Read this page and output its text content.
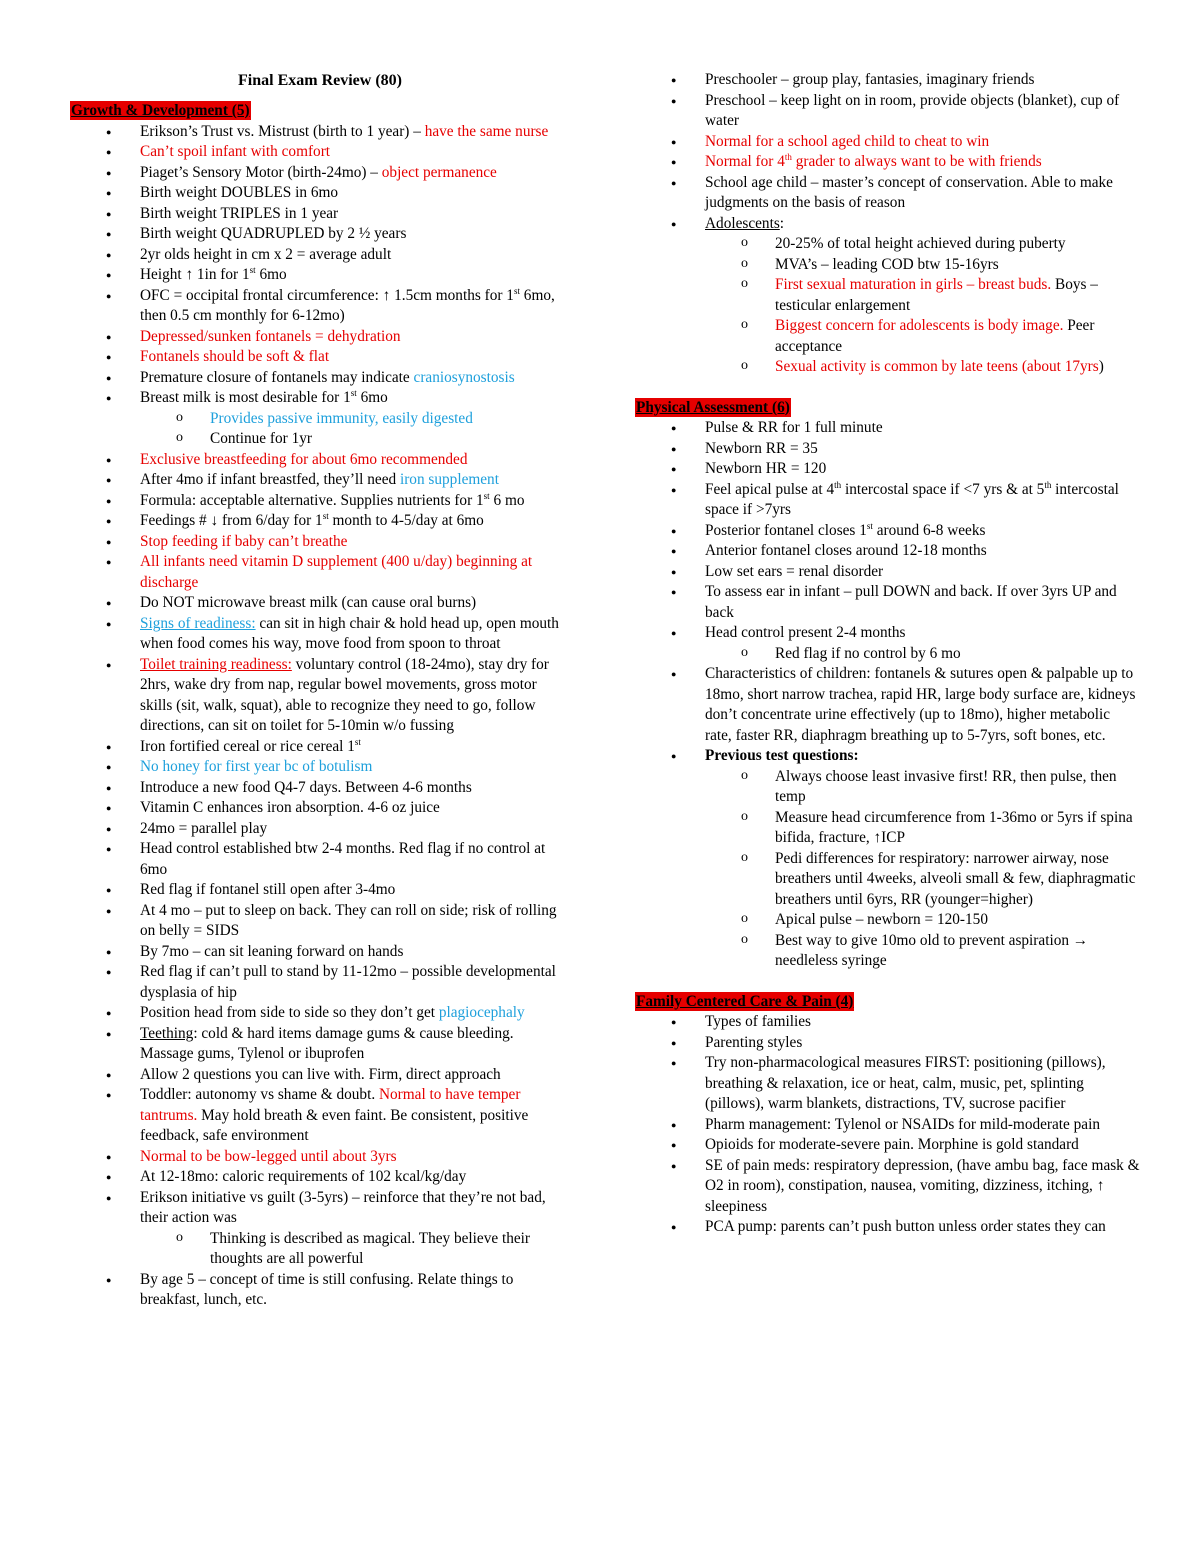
Final Exam Review (80)
Growth & Development (5)
● Erikson’s Trust vs. Mistrust (birth to 1 year) – have the same nurse
● Can’t spoil infant with comfort
● Piaget’s Sensory Motor (birth-24mo) – object permanence
● Birth weight DOUBLES in 6mo
● Birth weight TRIPLES in 1 year
● Birth weight QUADRUPLED by 2 ½ years
● 2yr olds height in cm x 2 = average adult
● Height ↑ 1in for 1st 6mo
● OFC = occipital frontal circumference: ↑ 1.5cm months for 1st 6mo, then 0.5 cm monthly for 6-12mo)
● Depressed/sunken fontanels = dehydration
● Fontanels should be soft & flat
● Premature closure of fontanels may indicate craniosynostosis
● Breast milk is most desirable for 1st 6mo
o Provides passive immunity, easily digested
o Continue for 1yr
● Exclusive breastfeeding for about 6mo recommended
● After 4mo if infant breastfed, they’ll need iron supplement
● Formula: acceptable alternative. Supplies nutrients for 1st 6 mo
● Feedings # ↓ from 6/day for 1st month to 4-5/day at 6mo
● Stop feeding if baby can’t breathe
● All infants need vitamin D supplement (400 u/day) beginning at discharge
● Do NOT microwave breast milk (can cause oral burns)
● Signs of readiness: can sit in high chair & hold head up, open mouth when food comes his way, move food from spoon to throat
● Toilet training readiness: voluntary control (18-24mo), stay dry for 2hrs, wake dry from nap, regular bowel movements, gross motor skills (sit, walk, squat), able to recognize they need to go, follow directions, can sit on toilet for 5-10min w/o fussing
● Iron fortified cereal or rice cereal 1st
● No honey for first year bc of botulism
● Introduce a new food Q4-7 days. Between 4-6 months
● Vitamin C enhances iron absorption. 4-6 oz juice
● 24mo = parallel play
● Head control established btw 2-4 months. Red flag if no control at 6mo
● Red flag if fontanel still open after 3-4mo
● At 4 mo – put to sleep on back. They can roll on side; risk of rolling on belly = SIDS
● By 7mo – can sit leaning forward on hands
● Red flag if can’t pull to stand by 11-12mo – possible developmental dysplasia of hip
● Position head from side to side so they don’t get plagiocephaly
● Teething: cold & hard items damage gums & cause bleeding. Massage gums, Tylenol or ibuprofen
● Allow 2 questions you can live with. Firm, direct approach
● Toddler: autonomy vs shame & doubt. Normal to have temper tantrums. May hold breath & even faint. Be consistent, positive feedback, safe environment
● Normal to be bow-legged until about 3yrs
● At 12-18mo: caloric requirements of 102 kcal/kg/day
● Erikson initiative vs guilt (3-5yrs) – reinforce that they’re not bad, their action was
o Thinking is described as magical. They believe their thoughts are all powerful
● By age 5 – concept of time is still confusing. Relate things to breakfast, lunch, etc.
● Preschooler – group play, fantasies, imaginary friends
● Preschool – keep light on in room, provide objects (blanket), cup of water
● Normal for a school aged child to cheat to win
● Normal for 4th grader to always want to be with friends
● School age child – master’s concept of conservation. Able to make judgments on the basis of reason
● Adolescents:
o 20-25% of total height achieved during puberty
o MVA’s – leading COD btw 15-16yrs
o First sexual maturation in girls – breast buds. Boys – testicular enlargement
o Biggest concern for adolescents is body image. Peer acceptance
o Sexual activity is common by late teens (about 17yrs)
Physical Assessment (6)
● Pulse & RR for 1 full minute
● Newborn RR = 35
● Newborn HR = 120
● Feel apical pulse at 4th intercostal space if <7 yrs & at 5th intercostal space if >7yrs
● Posterior fontanel closes 1st around 6-8 weeks
● Anterior fontanel closes around 12-18 months
● Low set ears = renal disorder
● To assess ear in infant – pull DOWN and back. If over 3yrs UP and back
● Head control present 2-4 months
o Red flag if no control by 6 mo
● Characteristics of children: fontanels & sutures open & palpable up to 18mo, short narrow trachea, rapid HR, large body surface are, kidneys don’t concentrate urine effectively (up to 18mo), higher metabolic rate, faster RR, diaphragm breathing up to 5-7yrs, soft bones, etc.
● Previous test questions:
o Always choose least invasive first! RR, then pulse, then temp
o Measure head circumference from 1-36mo or 5yrs if spina bifida, fracture, ↑ICP
o Pedi differences for respiratory: narrower airway, nose breathers until 4weeks, alveoli small & few, diaphragmatic breathers until 6yrs, RR (younger=higher)
o Apical pulse – newborn = 120-150
o Best way to give 10mo old to prevent aspiration → needleless syringe
Family Centered Care & Pain (4)
● Types of families
● Parenting styles
● Try non-pharmacological measures FIRST: positioning (pillows), breathing & relaxation, ice or heat, calm, music, pet, splinting (pillows), warm blankets, distractions, TV, sucrose pacifier
● Pharm management: Tylenol or NSAIDs for mild-moderate pain
● Opioids for moderate-severe pain. Morphine is gold standard
● SE of pain meds: respiratory depression, (have ambu bag, face mask & O2 in room), constipation, nausea, vomiting, dizziness, itching, ↑ sleepiness
● PCA pump: parents can’t push button unless order states they can
